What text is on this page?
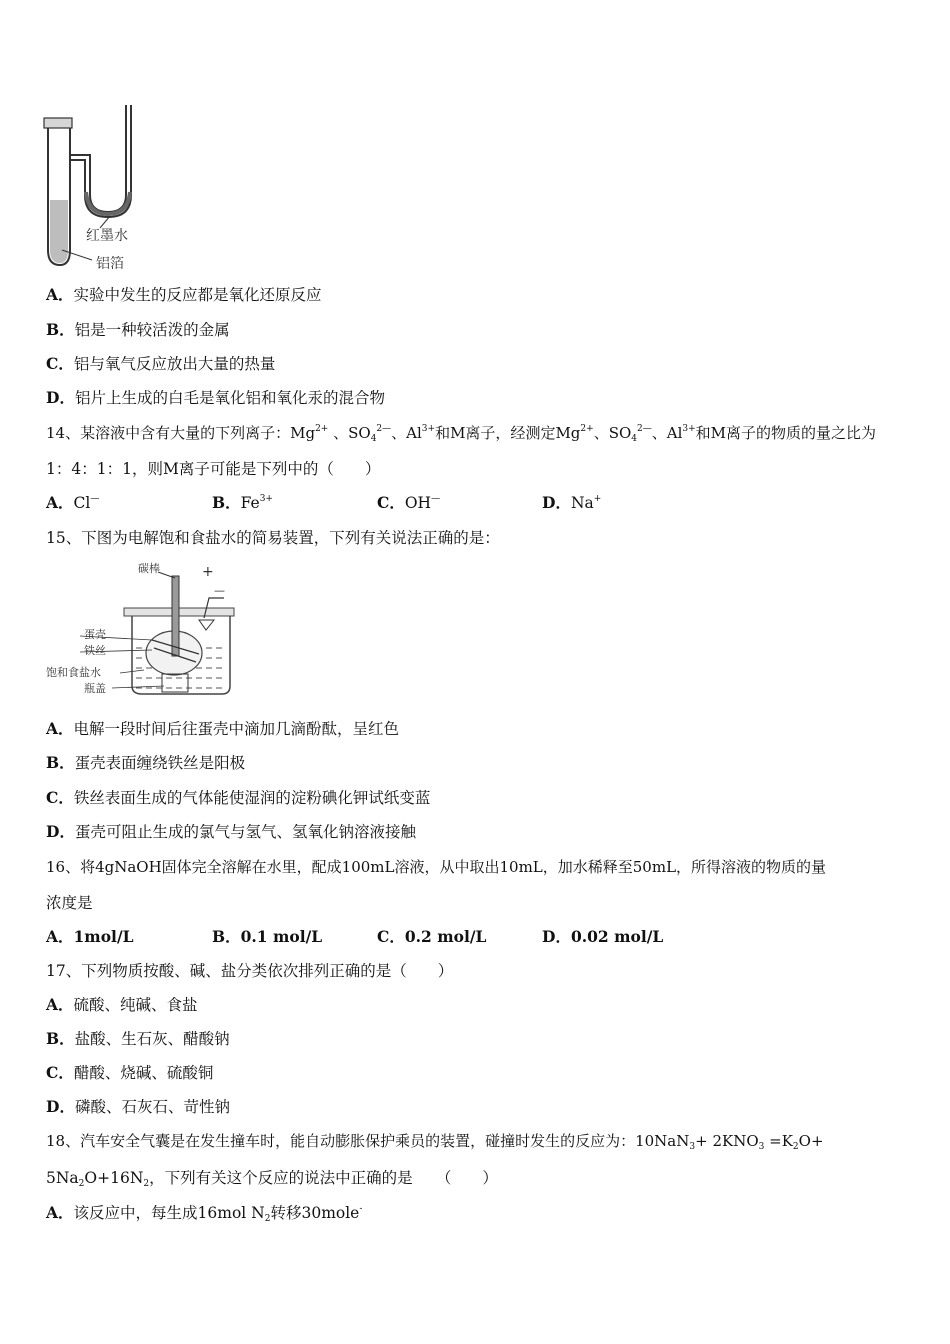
红墨水
铝箔
A．实验中发生的反应都是氧化还原反应
B．铝是一种较活泼的金属
C．铝与氧气反应放出大量的热量
D．铝片上生成的白毛是氧化铝和氧化汞的混合物
14、某溶液中含有大量的下列离子：$Mg^{2+}$ 、$SO_4^{2—}$、$Al^{3+}$和M离子，经测定$Mg^{2+}$、$SO_4^{2—}$、$Al^{3+}$和M离子的物质的量之比为
1：4：1：1，则M离子可能是下列中的（　　）
A．Cl—	B．$Fe^{3+}$	C．OH—	D．Na+
15、下图为电解饱和食盐水的简易装置，下列有关说法正确的是：
碳棒	+
—
蛋壳
铁丝
饱和食盐水
瓶盖
A．电解一段时间后往蛋壳中滴加几滴酚酞，呈红色
B．蛋壳表面缠绕铁丝是阳极
C．铁丝表面生成的气体能使湿润的淀粉碘化钾试纸变蓝
D．蛋壳可阻止生成的氯气与氢气、氢氧化钠溶液接触
16、将4gNaOH固体完全溶解在水里，配成100mL溶液，从中取出10mL，加水稀释至50mL，所得溶液的物质的量
浓度是
A．1mol/L	B．0.1 mol/L	C．0.2 mol/L	D．0.02 mol/L
17、下列物质按酸、碱、盐分类依次排列正确的是（　　）
A．硫酸、纯碱、食盐
B．盐酸、生石灰、醋酸钠
C．醋酸、烧碱、硫酸铜
D．磷酸、石灰石、苛性钠
18、汽车安全气囊是在发生撞车时，能自动膨胀保护乘员的装置，碰撞时发生的反应为：$10NaN_3+ 2KNO_3 =K_2O+$
$5Na_2O+16N_2$，下列有关这个反应的说法中正确的是　　（　　）
A．该反应中，每生成16mol $N_2$转移30mole-
